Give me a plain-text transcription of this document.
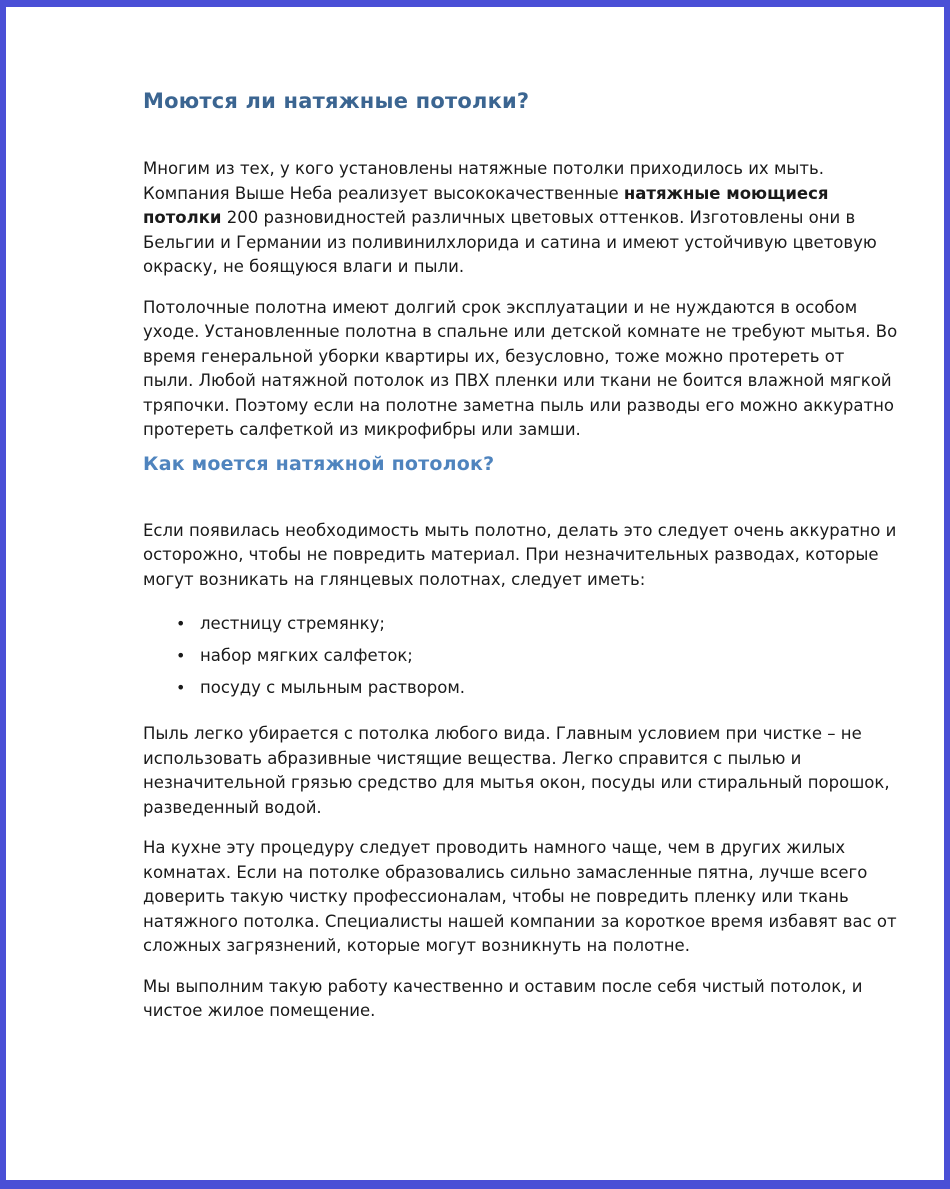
Моются ли натяжные потолки?

Многим из тех, у кого установлены натяжные потолки приходилось их мыть. Компания Выше Неба реализует высококачественные натяжные моющиеся потолки 200 разновидностей различных цветовых оттенков. Изготовлены они в Бельгии и Германии из поливинилхлорида и сатина и имеют устойчивую цветовую окраску, не боящуюся влаги и пыли.

Потолочные полотна имеют долгий срок эксплуатации и не нуждаются в особом уходе. Установленные полотна в спальне или детской комнате не требуют мытья. Во время генеральной уборки квартиры их, безусловно, тоже можно протереть от пыли. Любой натяжной потолок из ПВХ пленки или ткани не боится влажной мягкой тряпочки. Поэтому если на полотне заметна пыль или разводы его можно аккуратно протереть салфеткой из микрофибры или замши.

Как моется натяжной потолок?

Если появилась необходимость мыть полотно, делать это следует очень аккуратно и осторожно, чтобы не повредить материал. При незначительных разводах, которые могут возникать на глянцевых полотнах, следует иметь:

• лестницу стремянку;
• набор мягких салфеток;
• посуду с мыльным раствором.

Пыль легко убирается с потолка любого вида. Главным условием при чистке – не использовать абразивные чистящие вещества. Легко справится с пылью и незначительной грязью средство для мытья окон, посуды или стиральный порошок, разведенный водой.

На кухне эту процедуру следует проводить намного чаще, чем в других жилых комнатах. Если на потолке образовались сильно замасленные пятна, лучше всего доверить такую чистку профессионалам, чтобы не повредить пленку или ткань натяжного потолка. Специалисты нашей компании за короткое время избавят вас от сложных загрязнений, которые могут возникнуть на полотне.

Мы выполним такую работу качественно и оставим после себя чистый потолок, и чистое жилое помещение.
